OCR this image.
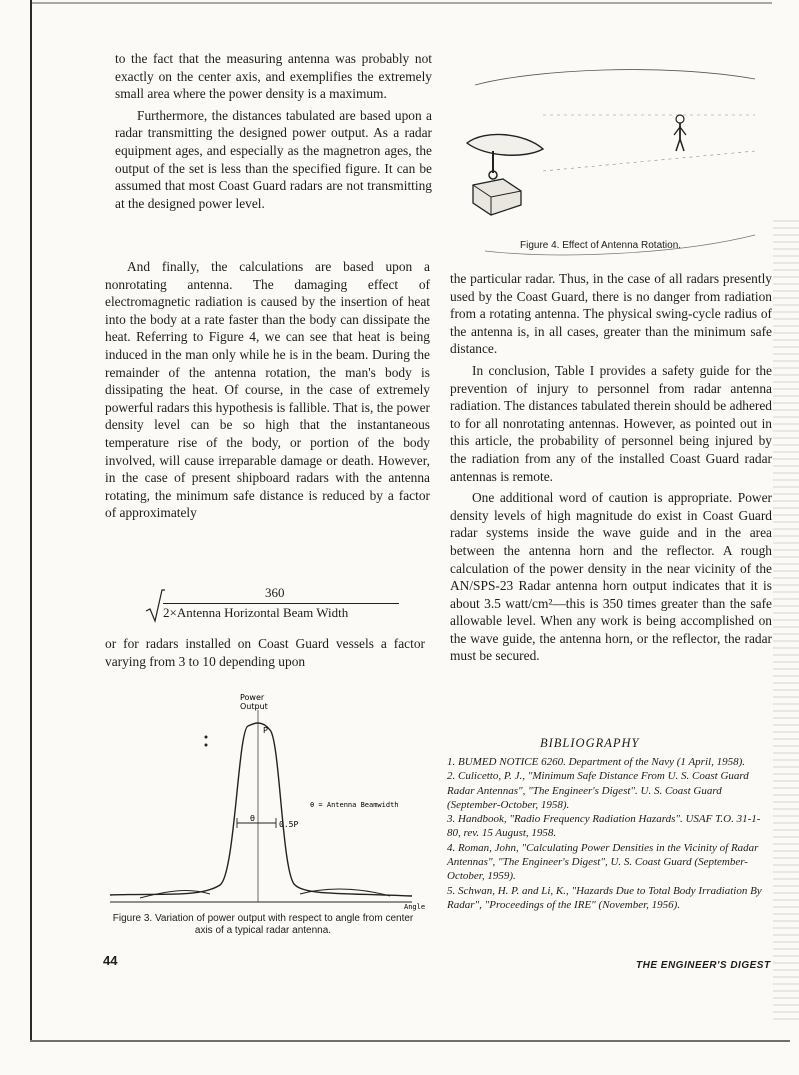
to the fact that the measuring antenna was probably not exactly on the center axis, and exemplifies the extremely small area where the power density is a maximum.

Furthermore, the distances tabulated are based upon a radar transmitting the designed power output. As a radar equipment ages, and especially as the magnetron ages, the output of the set is less than the specified figure. It can be assumed that most Coast Guard radars are not transmitting at the designed power level.

And finally, the calculations are based upon a nonrotating antenna. The damaging effect of electromagnetic radiation is caused by the insertion of heat into the body at a rate faster than the body can dissipate the heat. Referring to Figure 4, we can see that heat is being induced in the man only while he is in the beam. During the remainder of the antenna rotation, the man's body is dissipating the heat. Of course, in the case of extremely powerful radars this hypothesis is fallible. That is, the power density level can be so high that the instantaneous temperature rise of the body, or portion of the body involved, will cause irreparable damage or death. However, in the case of present shipboard radars with the antenna rotating, the minimum safe distance is reduced by a factor of approximately

360
2×Antenna Horizontal Beam Width

or for radars installed on Coast Guard vessels a factor varying from 3 to 10 depending upon

Power
Output
P
0.5P
θ
θ = Antenna Beamwidth
Angle
Figure 3. Variation of power output with respect to angle from center axis of a typical radar antenna.
Figure 4. Effect of Antenna Rotation.

the particular radar. Thus, in the case of all radars presently used by the Coast Guard, there is no danger from radiation from a rotating antenna. The physical swing-cycle radius of the antenna is, in all cases, greater than the minimum safe distance.

In conclusion, Table I provides a safety guide for the prevention of injury to personnel from radar antenna radiation. The distances tabulated therein should be adhered to for all nonrotating antennas. However, as pointed out in this article, the probability of personnel being injured by the radiation from any of the installed Coast Guard radar antennas is remote.

One additional word of caution is appropriate. Power density levels of high magnitude do exist in Coast Guard radar systems inside the wave guide and in the area between the antenna horn and the reflector. A rough calculation of the power density in the near vicinity of the AN/SPS-23 Radar antenna horn output indicates that it is about 3.5 watt/cm²—this is 350 times greater than the safe allowable level. When any work is being accomplished on the wave guide, the antenna horn, or the reflector, the radar must be secured.

BIBLIOGRAPHY
1. BUMED NOTICE 6260. Department of the Navy (1 April, 1958).
2. Culicetto, P. J., "Minimum Safe Distance From U. S. Coast Guard Radar Antennas", "The Engineer's Digest". U. S. Coast Guard (September-October, 1958).
3. Handbook, "Radio Frequency Radiation Hazards". USAF T.O. 31-1-80, rev. 15 August, 1958.
4. Roman, John, "Calculating Power Densities in the Vicinity of Radar Antennas", "The Engineer's Digest", U. S. Coast Guard (September-October, 1959).
5. Schwan, H. P. and Li, K., "Hazards Due to Total Body Irradiation By Radar", "Proceedings of the IRE" (November, 1956).
44	THE ENGINEER'S DIGEST
